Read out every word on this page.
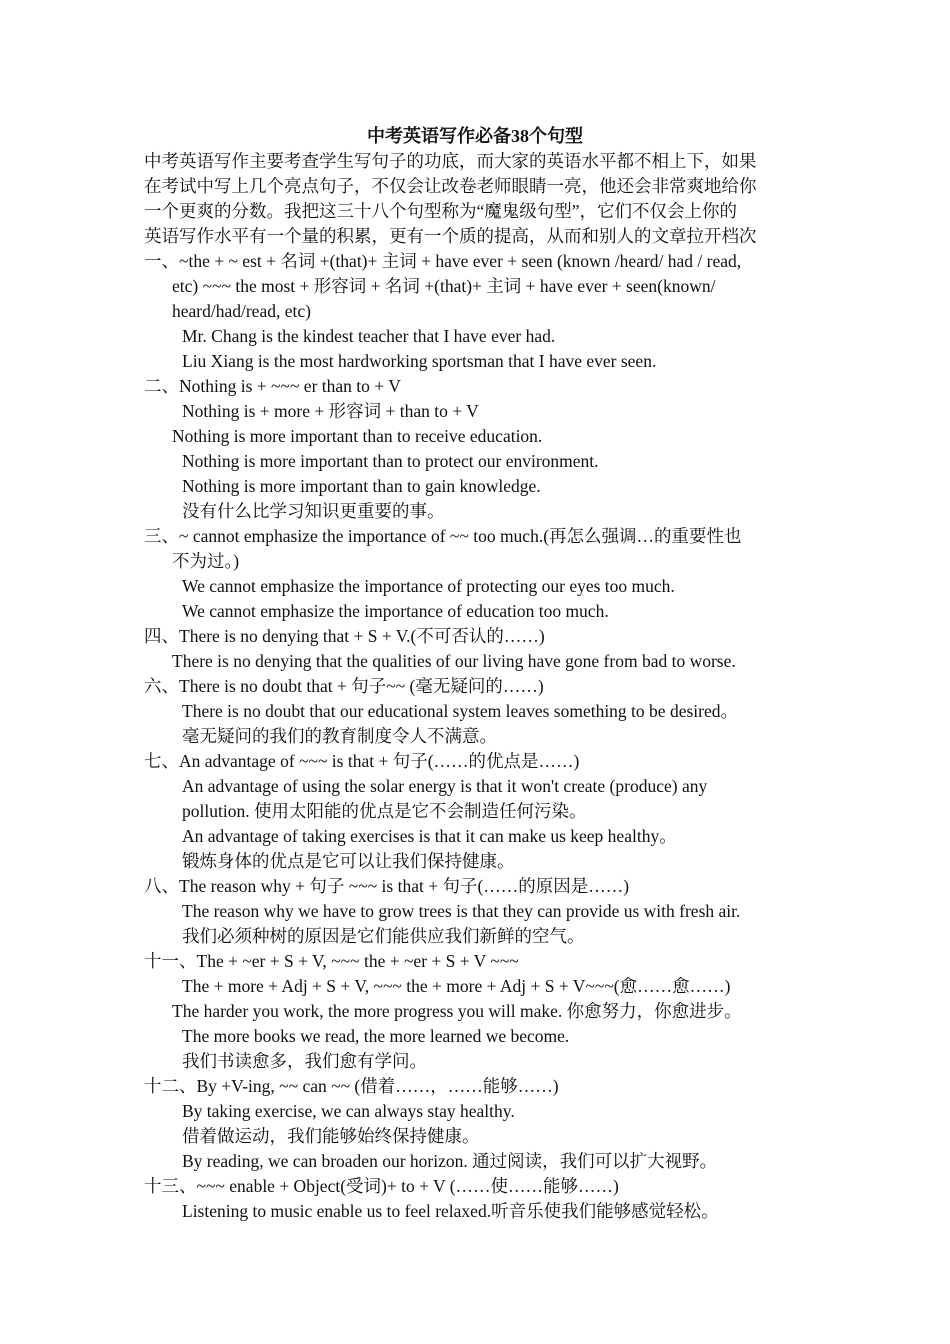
中考英语写作必备38个句型
中考英语写作主要考查学生写句子的功底，而大家的英语水平都不相上下，如果
在考试中写上几个亮点句子，不仅会让改卷老师眼睛一亮，他还会非常爽地给你
一个更爽的分数。我把这三十八个句型称为“魔鬼级句型”，它们不仅会上你的
英语写作水平有一个量的积累，更有一个质的提高，从而和别人的文章拉开档次
一、~the + ~ est + 名词 +(that)+ 主词 + have ever + seen (known /heard/ had / read,
etc) ~~~ the most + 形容词 + 名词 +(that)+ 主词 + have ever + seen(known/
heard/had/read, etc)
Mr. Chang is the kindest teacher that I have ever had.
Liu Xiang is the most hardworking sportsman that I have ever seen.
二、Nothing is + ~~~ er than to + V
Nothing is + more + 形容词 + than to + V
Nothing is more important than to receive education.
Nothing is more important than to protect our environment.
Nothing is more important than to gain knowledge.
没有什么比学习知识更重要的事。
三、~ cannot emphasize the importance of ~~ too much.(再怎么强调…的重要性也
不为过。)
We cannot emphasize the importance of protecting our eyes too much.
We cannot emphasize the importance of education too much.
四、There is no denying that + S + V.(不可否认的……)
There is no denying that the qualities of our living have gone from bad to worse.
六、There is no doubt that + 句子~~ (毫无疑问的……)
There is no doubt that our educational system leaves something to be desired。
毫无疑问的我们的教育制度令人不满意。
七、An advantage of ~~~ is that + 句子(……的优点是……)
An advantage of using the solar energy is that it won't create (produce) any
pollution. 使用太阳能的优点是它不会制造任何污染。
An advantage of taking exercises is that it can make us keep healthy。
锻炼身体的优点是它可以让我们保持健康。
八、The reason why + 句子 ~~~ is that + 句子(……的原因是……)
The reason why we have to grow trees is that they can provide us with fresh air.
我们必须种树的原因是它们能供应我们新鲜的空气。
十一、The + ~er + S + V, ~~~ the + ~er + S + V ~~~
The + more + Adj + S + V, ~~~ the + more + Adj + S + V~~~(愈……愈……)
The harder you work, the more progress you will make. 你愈努力，你愈进步。
The more books we read, the more learned we become.
我们书读愈多，我们愈有学问。
十二、By +V-ing, ~~ can ~~ (借着……，……能够……)
By taking exercise, we can always stay healthy.
借着做运动，我们能够始终保持健康。
By reading, we can broaden our horizon. 通过阅读，我们可以扩大视野。
十三、~~~ enable + Object(受词)+ to + V (……使……能够……)
Listening to music enable us to feel relaxed.听音乐使我们能够感觉轻松。
